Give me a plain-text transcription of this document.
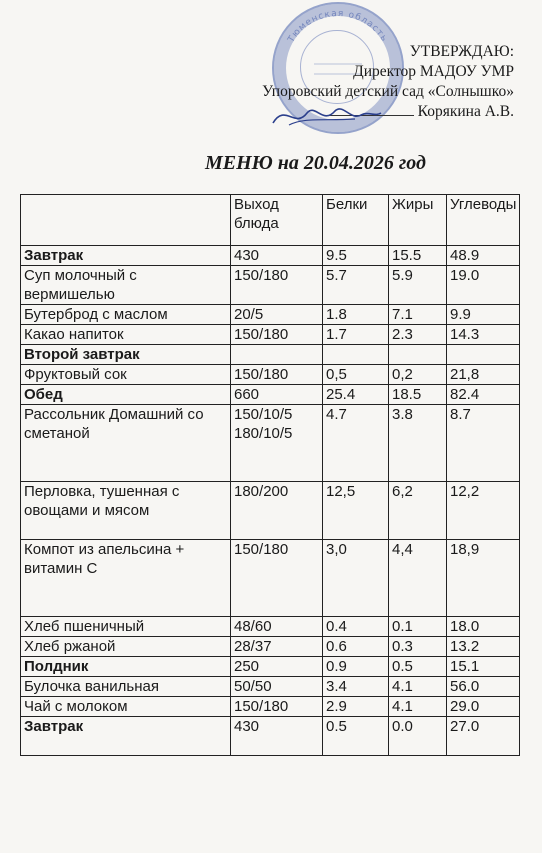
Тюменская область
УТВЕРЖДАЮ:
Директор МАДОУ УМР
Упоровский детский сад «Солнышко»
Корякина А.В.
МЕНЮ на 20.04.2026 год
	Выход блюда	Белки	Жиры	Углеводы
Завтрак	430	9.5	15.5	48.9
Суп молочный с вермишелью	150/180	5.7	5.9	19.0
Бутерброд с маслом	20/5	1.8	7.1	9.9
Какао напиток	150/180	1.7	2.3	14.3
Второй завтрак				
Фруктовый сок	150/180	0,5	0,2	21,8
Обед	660	25.4	18.5	82.4
Рассольник Домашний со сметаной	150/10/5 180/10/5	4.7	3.8	8.7
Перловка, тушенная с овощами и мясом	180/200	12,5	6,2	12,2
Компот из апельсина + витамин С	150/180	3,0	4,4	18,9
Хлеб пшеничный	48/60	0.4	0.1	18.0
Хлеб ржаной	28/37	0.6	0.3	13.2
Полдник	250	0.9	0.5	15.1
Булочка ванильная	50/50	3.4	4.1	56.0
Чай с молоком	150/180	2.9	4.1	29.0
Завтрак	430	0.5	0.0	27.0
